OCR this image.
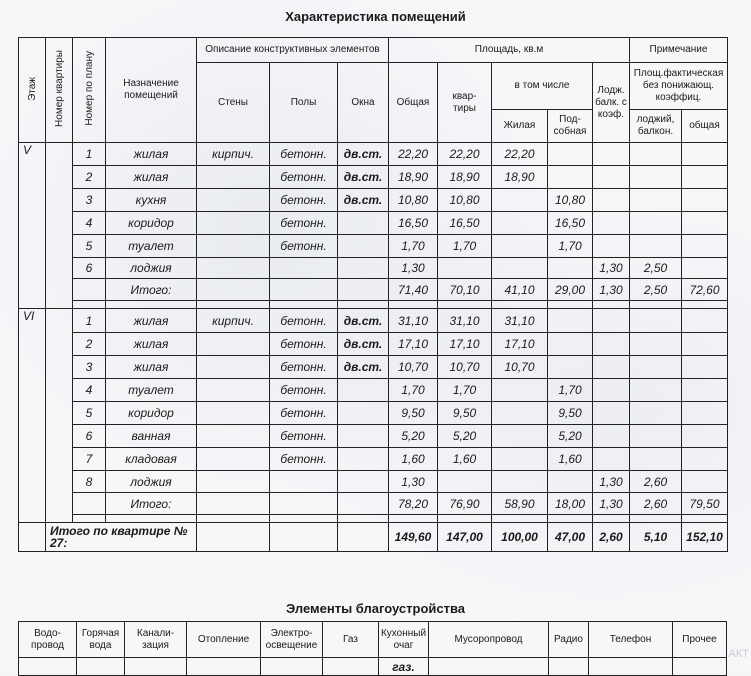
Характеристика помещений
Этаж	Номер квартиры	Номер по плану	Назначение помещений	Описание конструктивных элементов			Площадь, кв.м					Примечание	
				Стены	Полы	Окна	Общая	квар-тиры	в том числе		Лодж. балк. с коэф.	Площ.фактическая без понижающ. коэффиц.	

									Жилая	Под-собная		лоджий, балкон.	общая
V		1	жилая	кирпич.	бетонн.	дв.ст.	22,20	22,20	22,20				
		2	жилая		бетонн.	дв.ст.	18,90	18,90	18,90				
		3	кухня		бетонн.	дв.ст.	10,80	10,80		10,80			
		4	коридор		бетонн.		16,50	16,50		16,50			
		5	туалет		бетонн.		1,70	1,70		1,70			
		6	лоджия				1,30				1,30	2,50	
			Итого:				71,40	70,10	41,10	29,00	1,30	2,50	72,60

VI		1	жилая	кирпич.	бетонн.	дв.ст.	31,10	31,10	31,10				
		2	жилая		бетонн.	дв.ст.	17,10	17,10	17,10				
		3	жилая		бетонн.	дв.ст.	10,70	10,70	10,70				
		4	туалет		бетонн.		1,70	1,70		1,70			
		5	коридор		бетонн.		9,50	9,50		9,50			
		6	ванная		бетонн.		5,20	5,20		5,20			
		7	кладовая		бетонн.		1,60	1,60		1,60			
		8	лоджия				1,30				1,30	2,60	
			Итого:				78,20	76,90	58,90	18,00	1,30	2,60	79,50

	Итого по квартире № 27:						149,60	147,00	100,00	47,00	2,60	5,10	152,10
Элементы благоустройства
Водо-провод	Горячая вода	Канали-зация	Отопление	Электро-освещение	Газ	Кухонный очаг	Мусоропровод	Радио	Телефон	Прочее
						газ.				
АКТ
